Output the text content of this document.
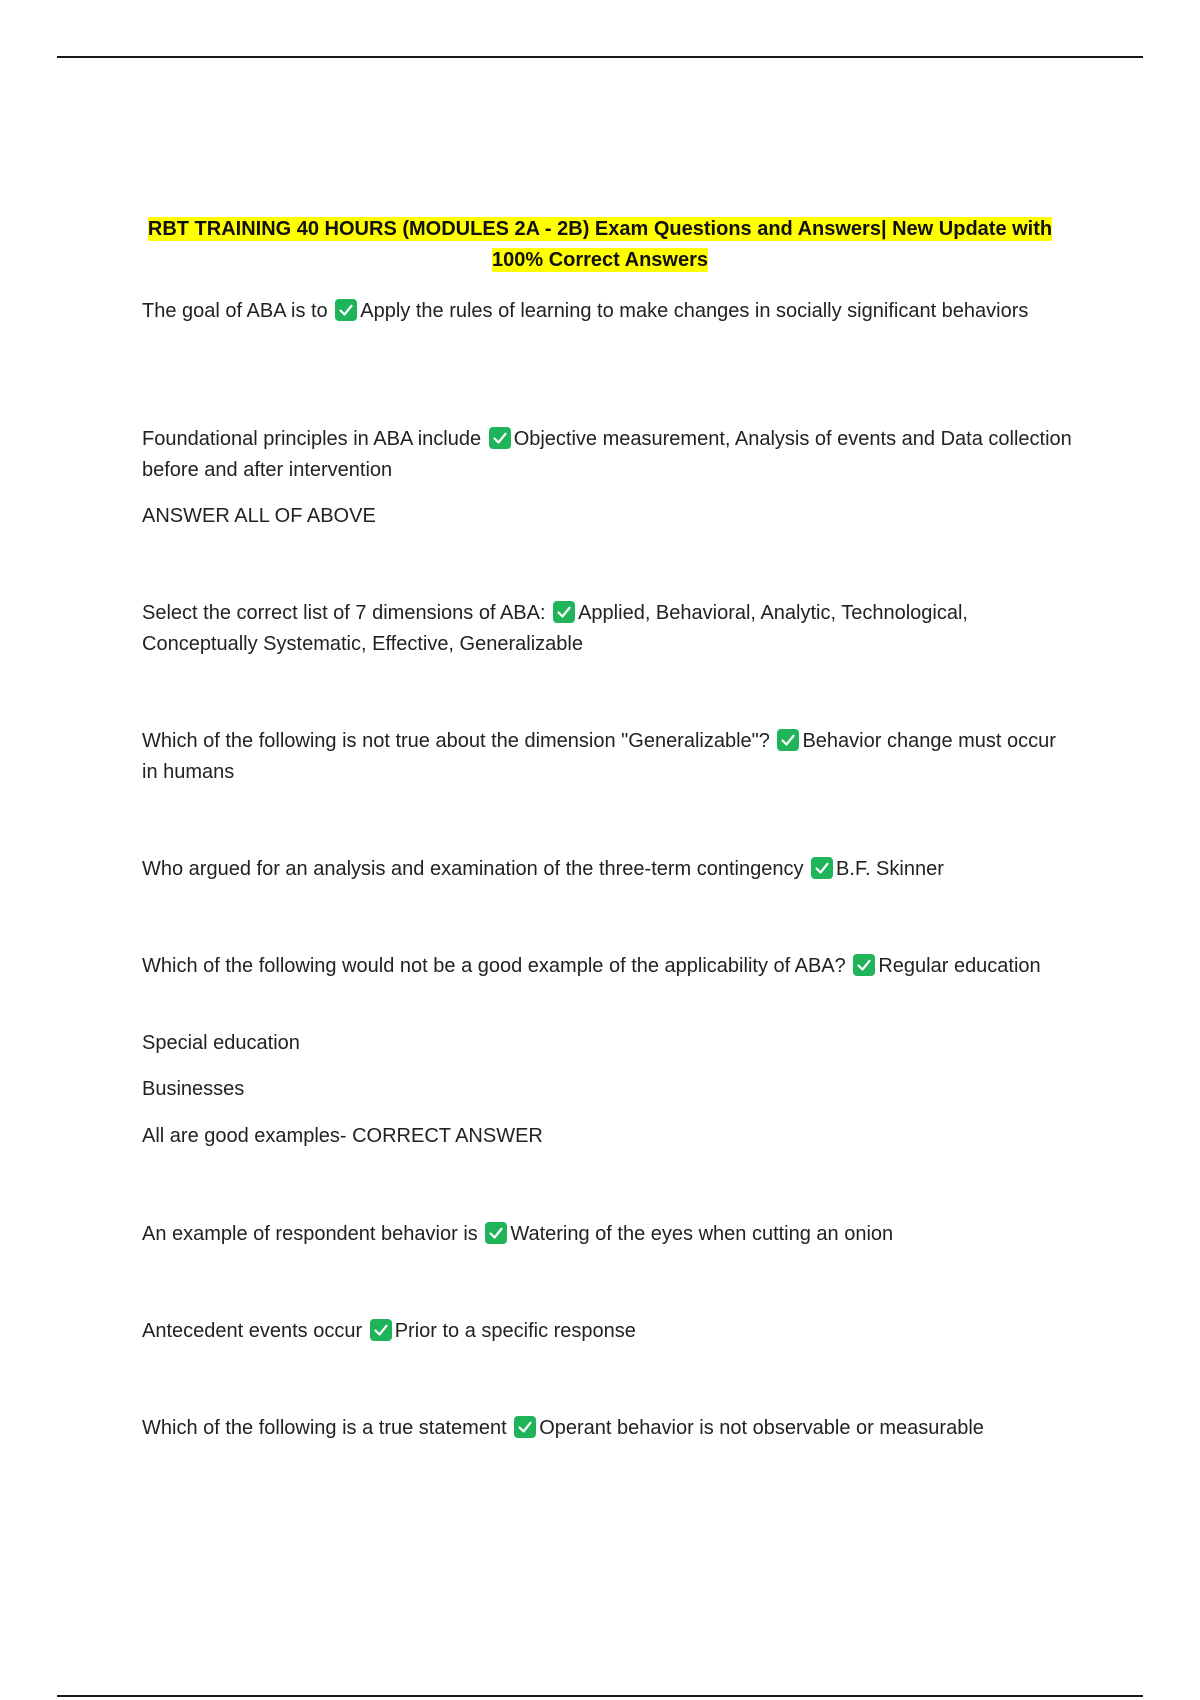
RBT TRAINING 40 HOURS (MODULES 2A - 2B) Exam Questions and Answers| New Update with 100% Correct Answers

The goal of ABA is to Apply the rules of learning to make changes in socially significant behaviors

Foundational principles in ABA include Objective measurement, Analysis of events and Data collection before and after intervention

ANSWER ALL OF ABOVE

Select the correct list of 7 dimensions of ABA: Applied, Behavioral, Analytic, Technological, Conceptually Systematic, Effective, Generalizable

Which of the following is not true about the dimension "Generalizable"? Behavior change must occur in humans

Who argued for an analysis and examination of the three-term contingency B.F. Skinner

Which of the following would not be a good example of the applicability of ABA? Regular education

Special education

Businesses

All are good examples- CORRECT ANSWER

An example of respondent behavior is Watering of the eyes when cutting an onion

Antecedent events occur Prior to a specific response

Which of the following is a true statement Operant behavior is not observable or measurable
